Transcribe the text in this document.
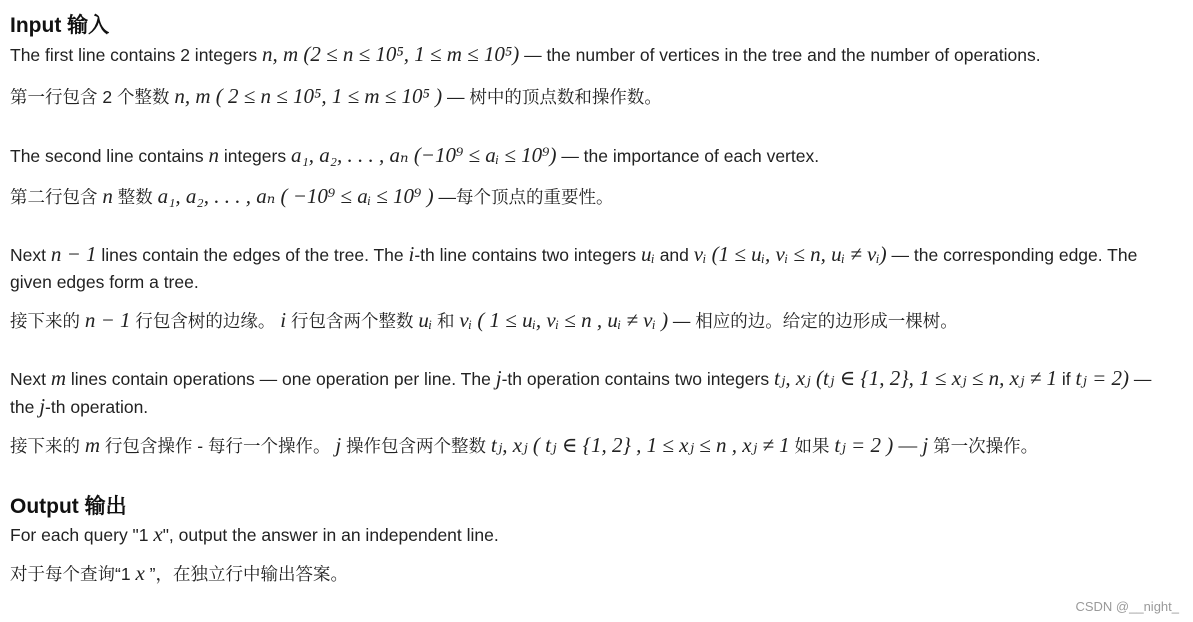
Input 输入

The first line contains 2 integers n, m (2 ≤ n ≤ 10⁵, 1 ≤ m ≤ 10⁵) — the number of vertices in the tree and the number of operations.

第一行包含 2 个整数 n, m ( 2 ≤ n ≤ 10⁵, 1 ≤ m ≤ 10⁵ ) — 树中的顶点数和操作数。

The second line contains n integers a₁, a₂, . . . , aₙ (−10⁹ ≤ aᵢ ≤ 10⁹) — the importance of each vertex.

第二行包含 n 整数 a₁, a₂, . . . , aₙ ( −10⁹ ≤ aᵢ ≤ 10⁹ ) —每个顶点的重要性。

Next n − 1 lines contain the edges of the tree. The i-th line contains two integers uᵢ and vᵢ (1 ≤ uᵢ, vᵢ ≤ n, uᵢ ≠ vᵢ) — the corresponding edge. The given edges form a tree.

接下来的 n − 1 行包含树的边缘。 i 行包含两个整数 uᵢ 和 vᵢ ( 1 ≤ uᵢ, vᵢ ≤ n , uᵢ ≠ vᵢ ) — 相应的边。给定的边形成一棵树。

Next m lines contain operations — one operation per line. The j-th operation contains two integers tⱼ, xⱼ (tⱼ ∈ {1, 2}, 1 ≤ xⱼ ≤ n, xⱼ ≠ 1 if tⱼ = 2) — the j-th operation.

接下来的 m 行包含操作 - 每行一个操作。 j 操作包含两个整数 tⱼ, xⱼ ( tⱼ ∈ {1, 2} , 1 ≤ xⱼ ≤ n , xⱼ ≠ 1 如果 tⱼ = 2 ) — j 第一次操作。

Output 输出

For each query "1 x", output the answer in an independent line.

对于每个查询“1 x ”，在独立行中输出答案。

CSDN @__night_
